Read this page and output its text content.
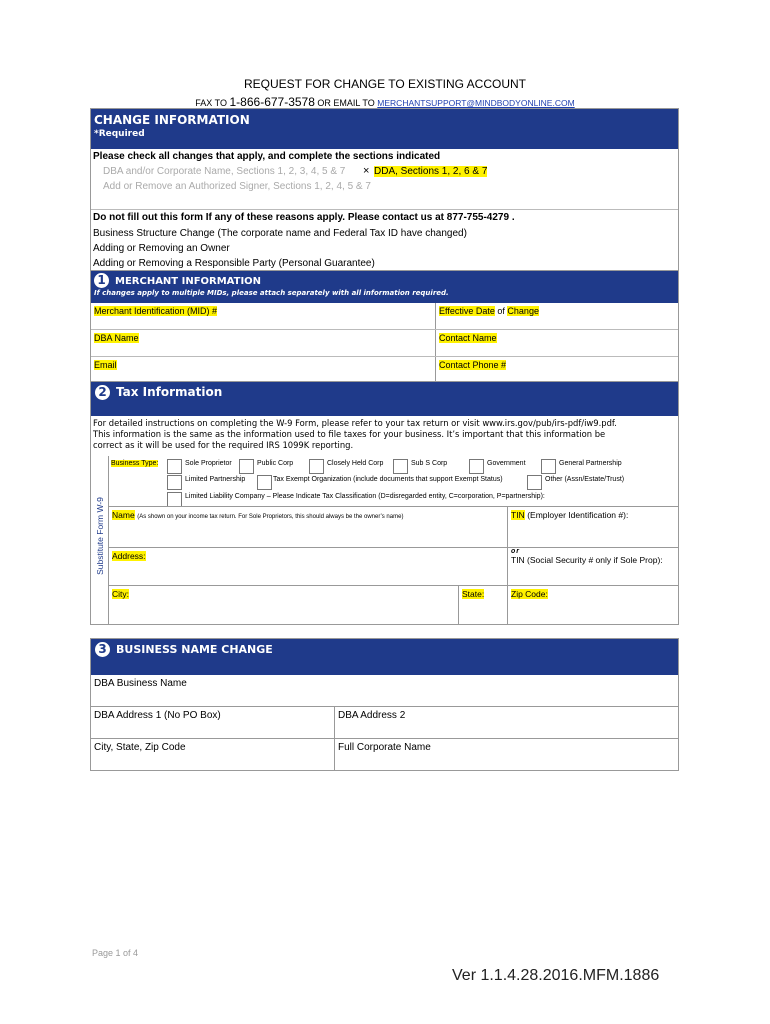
REQUEST FOR CHANGE TO EXISTING ACCOUNT
FAX TO 1-866-677-3578 OR EMAIL TO MERCHANTSUPPORT@MINDBODYONLINE.COM
CHANGE INFORMATION
*Required
Please check all changes that apply, and complete the sections indicated
DBA and/or Corporate Name, Sections 1, 2, 3, 4, 5 & 7 × DDA, Sections 1, 2, 6 & 7
Add or Remove an Authorized Signer, Sections 1, 2, 4, 5 & 7
Do not fill out this form If any of these reasons apply. Please contact us at 877-755-4279 .
Business Structure Change (The corporate name and Federal Tax ID have changed)
Adding or Removing an Owner
Adding or Removing a Responsible Party (Personal Guarantee)
1 MERCHANT INFORMATION
If changes apply to multiple MIDs, please attach separately with all information required.
Merchant Identification (MID) #	Effective Date of Change
DBA Name	Contact Name
Email	Contact Phone #
2 Tax Information
For detailed instructions on completing the W-9 Form, please refer to your tax return or visit www.irs.gov/pub/irs-pdf/iw9.pdf.
This information is the same as the information used to file taxes for your business. It’s important that this information be
correct as it will be used for the required IRS 1099K reporting.
Substitute Form W-9
Business Type:	Sole Proprietor	Public Corp	Closely Held Corp	Sub S Corp	Government	General Partnership
Limited Partnership	Tax Exempt Organization (include documents that support Exempt Status)	Other (Assn/Estate/Trust)
Limited Liability Company – Please Indicate Tax Classification (D=disregarded entity, C=corporation, P=partnership):
Name (As shown on your income tax return. For Sole Proprietors, this should always be the owner’s name)	TIN (Employer Identification #):
Address:	or
TIN (Social Security # only if Sole Prop):
City:	State:	Zip Code:
3 BUSINESS NAME CHANGE
DBA Business Name
DBA Address 1 (No PO Box)	DBA Address 2
City, State, Zip Code	Full Corporate Name
Page 1 of 4
Ver 1.1.4.28.2016.MFM.1886
